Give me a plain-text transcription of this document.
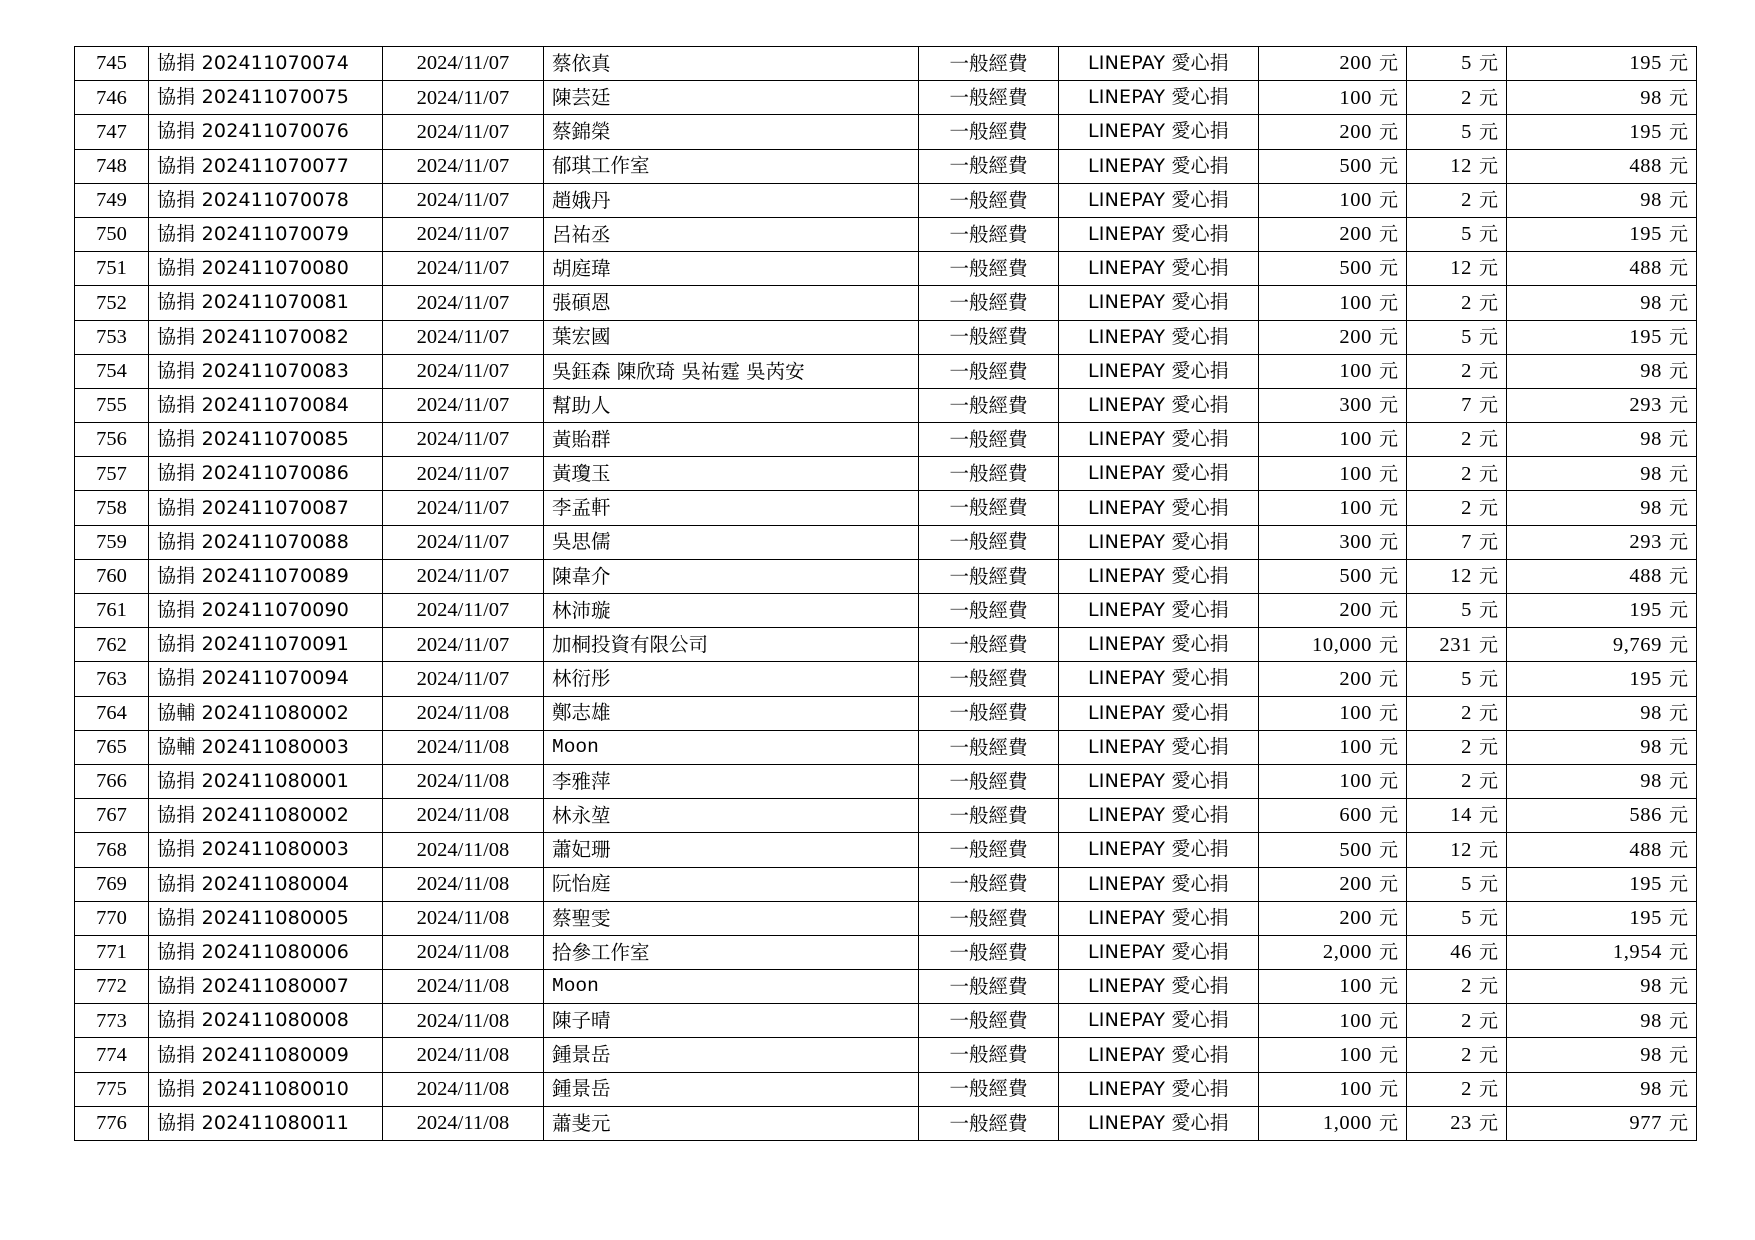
745	協捐 202411070074	2024/11/07	蔡依真	一般經費	LINEPAY 愛心捐	200 元	5 元	195 元
746	協捐 202411070075	2024/11/07	陳芸廷	一般經費	LINEPAY 愛心捐	100 元	2 元	98 元
747	協捐 202411070076	2024/11/07	蔡錦榮	一般經費	LINEPAY 愛心捐	200 元	5 元	195 元
748	協捐 202411070077	2024/11/07	郁琪工作室	一般經費	LINEPAY 愛心捐	500 元	12 元	488 元
749	協捐 202411070078	2024/11/07	趙娥丹	一般經費	LINEPAY 愛心捐	100 元	2 元	98 元
750	協捐 202411070079	2024/11/07	呂祐丞	一般經費	LINEPAY 愛心捐	200 元	5 元	195 元
751	協捐 202411070080	2024/11/07	胡庭瑋	一般經費	LINEPAY 愛心捐	500 元	12 元	488 元
752	協捐 202411070081	2024/11/07	張碩恩	一般經費	LINEPAY 愛心捐	100 元	2 元	98 元
753	協捐 202411070082	2024/11/07	葉宏國	一般經費	LINEPAY 愛心捐	200 元	5 元	195 元
754	協捐 202411070083	2024/11/07	吳鈺森 陳欣琦 吳祐霆 吳芮安	一般經費	LINEPAY 愛心捐	100 元	2 元	98 元
755	協捐 202411070084	2024/11/07	幫助人	一般經費	LINEPAY 愛心捐	300 元	7 元	293 元
756	協捐 202411070085	2024/11/07	黃貽群	一般經費	LINEPAY 愛心捐	100 元	2 元	98 元
757	協捐 202411070086	2024/11/07	黃瓊玉	一般經費	LINEPAY 愛心捐	100 元	2 元	98 元
758	協捐 202411070087	2024/11/07	李孟軒	一般經費	LINEPAY 愛心捐	100 元	2 元	98 元
759	協捐 202411070088	2024/11/07	吳思儒	一般經費	LINEPAY 愛心捐	300 元	7 元	293 元
760	協捐 202411070089	2024/11/07	陳韋介	一般經費	LINEPAY 愛心捐	500 元	12 元	488 元
761	協捐 202411070090	2024/11/07	林沛璇	一般經費	LINEPAY 愛心捐	200 元	5 元	195 元
762	協捐 202411070091	2024/11/07	加桐投資有限公司	一般經費	LINEPAY 愛心捐	10,000 元	231 元	9,769 元
763	協捐 202411070094	2024/11/07	林衍彤	一般經費	LINEPAY 愛心捐	200 元	5 元	195 元
764	協輔 202411080002	2024/11/08	鄭志雄	一般經費	LINEPAY 愛心捐	100 元	2 元	98 元
765	協輔 202411080003	2024/11/08	Moon	一般經費	LINEPAY 愛心捐	100 元	2 元	98 元
766	協捐 202411080001	2024/11/08	李雅萍	一般經費	LINEPAY 愛心捐	100 元	2 元	98 元
767	協捐 202411080002	2024/11/08	林永堃	一般經費	LINEPAY 愛心捐	600 元	14 元	586 元
768	協捐 202411080003	2024/11/08	蕭妃珊	一般經費	LINEPAY 愛心捐	500 元	12 元	488 元
769	協捐 202411080004	2024/11/08	阮怡庭	一般經費	LINEPAY 愛心捐	200 元	5 元	195 元
770	協捐 202411080005	2024/11/08	蔡聖雯	一般經費	LINEPAY 愛心捐	200 元	5 元	195 元
771	協捐 202411080006	2024/11/08	拾參工作室	一般經費	LINEPAY 愛心捐	2,000 元	46 元	1,954 元
772	協捐 202411080007	2024/11/08	Moon	一般經費	LINEPAY 愛心捐	100 元	2 元	98 元
773	協捐 202411080008	2024/11/08	陳子晴	一般經費	LINEPAY 愛心捐	100 元	2 元	98 元
774	協捐 202411080009	2024/11/08	鍾景岳	一般經費	LINEPAY 愛心捐	100 元	2 元	98 元
775	協捐 202411080010	2024/11/08	鍾景岳	一般經費	LINEPAY 愛心捐	100 元	2 元	98 元
776	協捐 202411080011	2024/11/08	蕭斐元	一般經費	LINEPAY 愛心捐	1,000 元	23 元	977 元
